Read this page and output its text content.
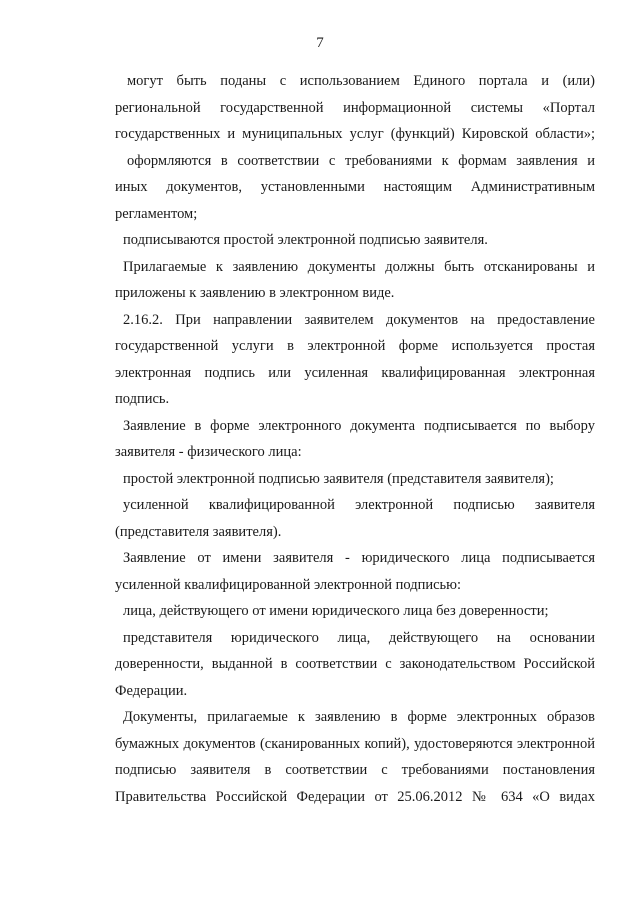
7
могут быть поданы с использованием Единого портала и (или)
региональной государственной информационной системы «Портал
государственных и муниципальных услуг (функций) Кировской области»;
оформляются в соответствии с требованиями к формам заявления и
иных документов, установленными настоящим Административным
регламентом;
подписываются простой электронной подписью заявителя.
Прилагаемые к заявлению документы должны быть отсканированы и
приложены к заявлению в электронном виде.
2.16.2. При направлении заявителем документов на предоставление
государственной услуги в электронной форме используется простая
электронная подпись или усиленная квалифицированная электронная
подпись.
Заявление в форме электронного документа подписывается по выбору
заявителя - физического лица:
простой электронной подписью заявителя (представителя заявителя);
усиленной квалифицированной электронной подписью заявителя
(представителя заявителя).
Заявление от имени заявителя - юридического лица подписывается
усиленной квалифицированной электронной подписью:
лица, действующего от имени юридического лица без доверенности;
представителя юридического лица, действующего на основании
доверенности, выданной в соответствии с законодательством Российской
Федерации.
Документы, прилагаемые к заявлению в форме электронных образов
бумажных документов (сканированных копий), удостоверяются электронной
подписью заявителя в соответствии с требованиями постановления
Правительства Российской Федерации от 25.06.2012 № 634 «О видах
